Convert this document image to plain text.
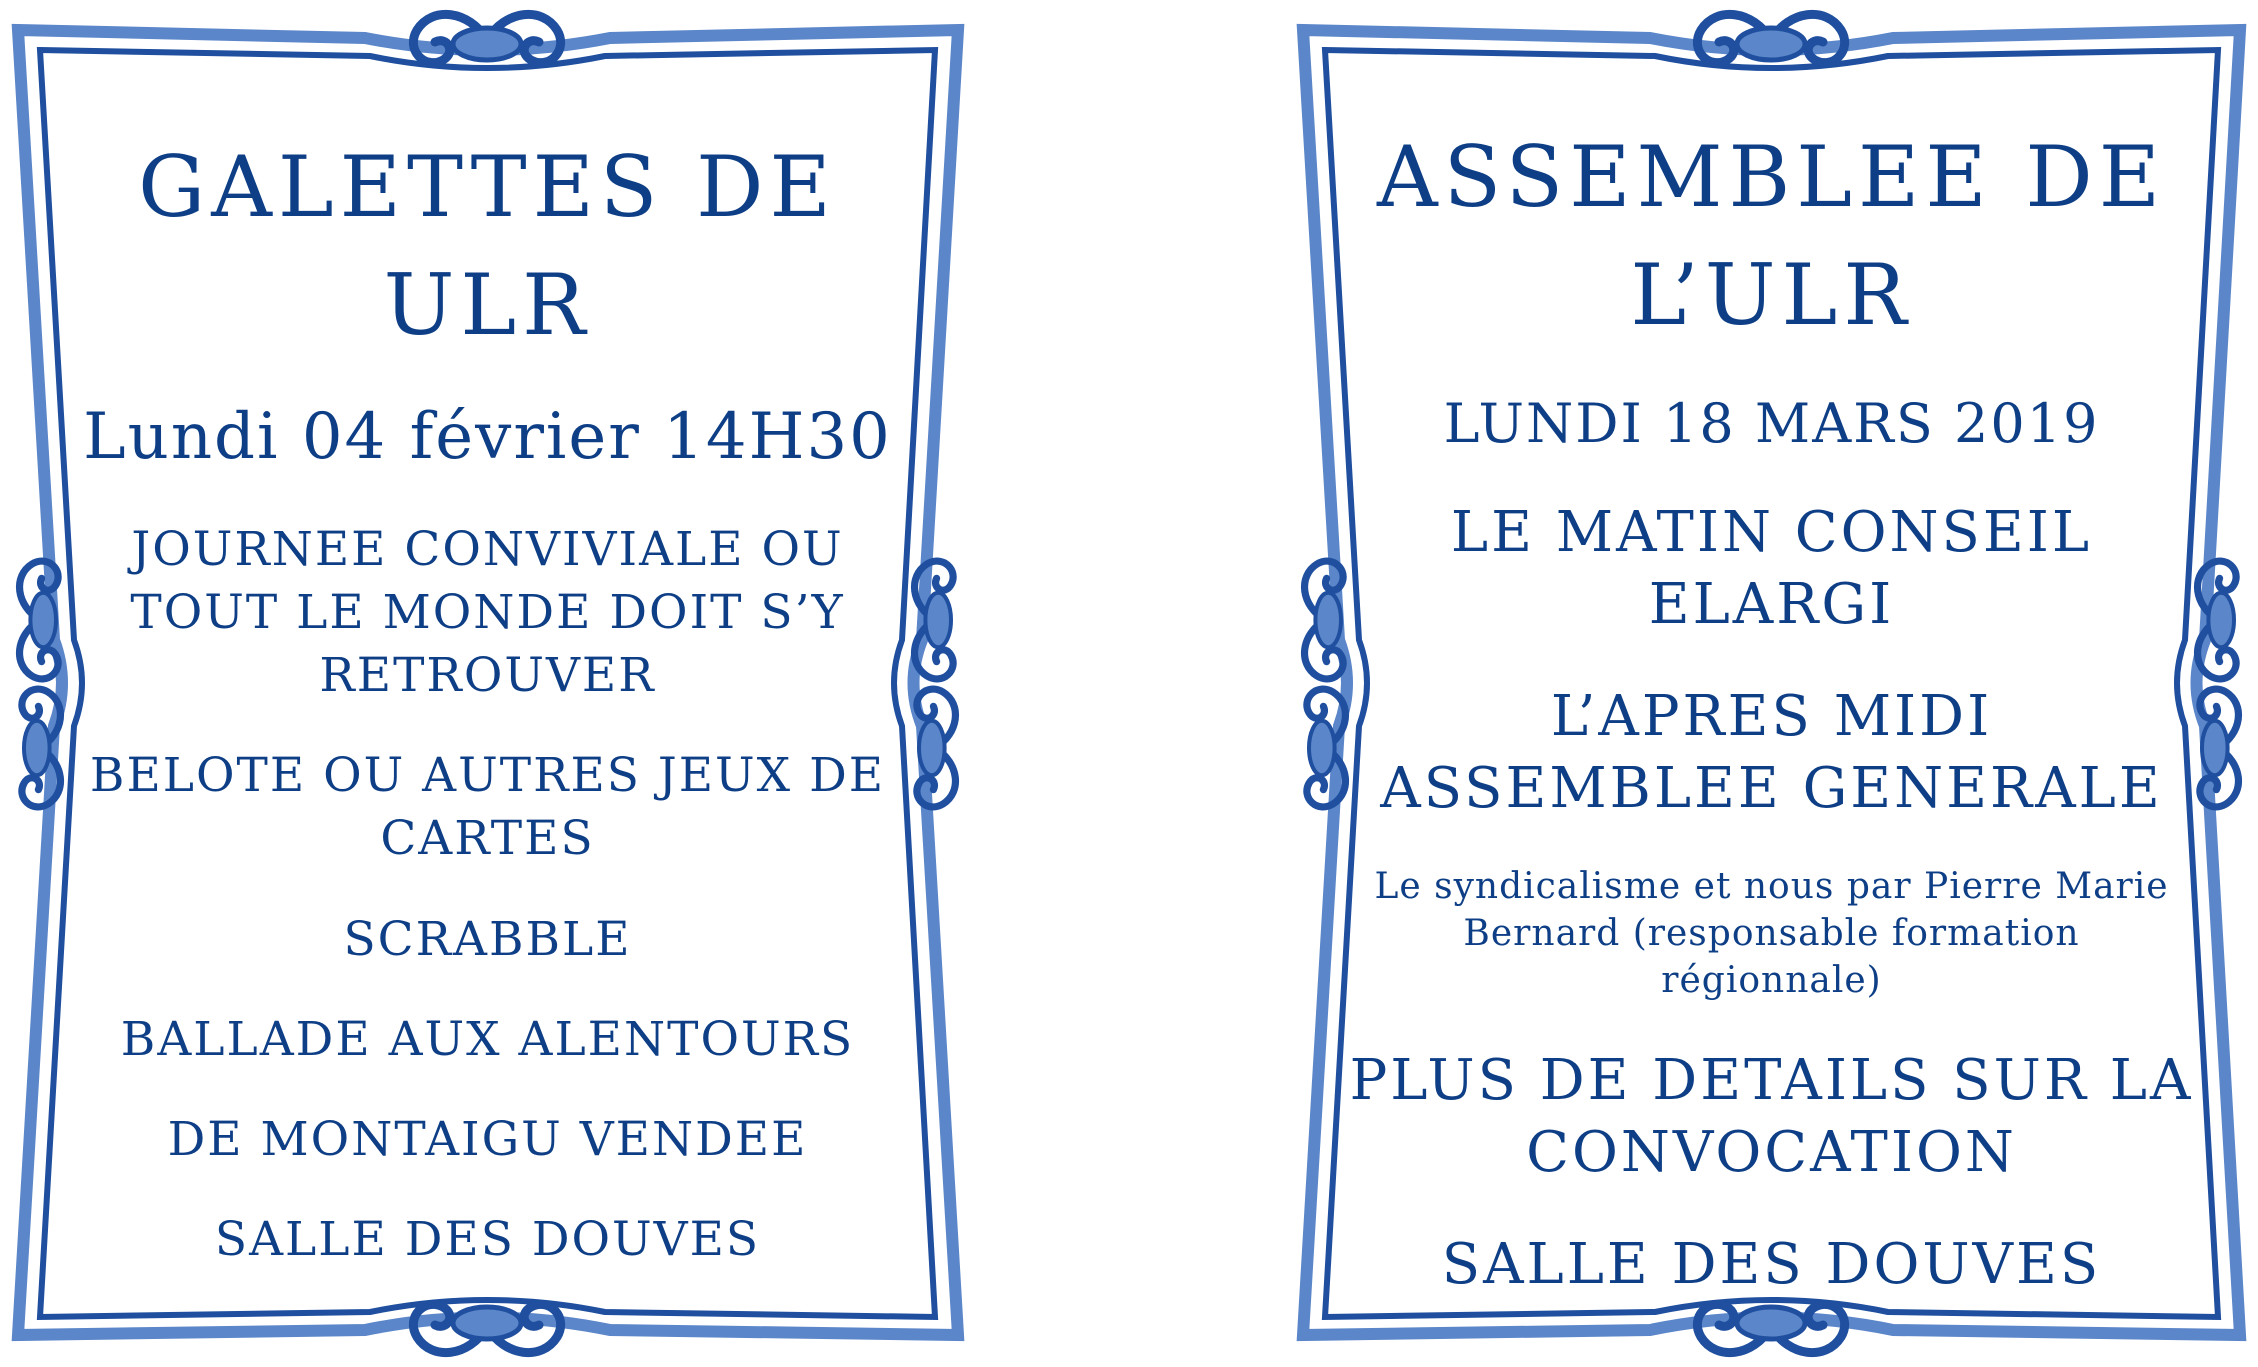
GALETTES DE
ULR
Lundi 04 février 14H30
JOURNEE CONVIVIALE OU
TOUT LE MONDE DOIT S’Y
RETROUVER
BELOTE OU AUTRES JEUX DE
CARTES
SCRABBLE
BALLADE AUX ALENTOURS
DE MONTAIGU VENDEE
SALLE DES DOUVES
ASSEMBLEE DE
L’ULR
LUNDI 18 MARS 2019
LE MATIN CONSEIL
ELARGI
L’APRES MIDI
ASSEMBLEE GENERALE
Le syndicalisme et nous par Pierre Marie
Bernard (responsable formation
régionnale)
PLUS DE DETAILS SUR LA
CONVOCATION
SALLE DES DOUVES
